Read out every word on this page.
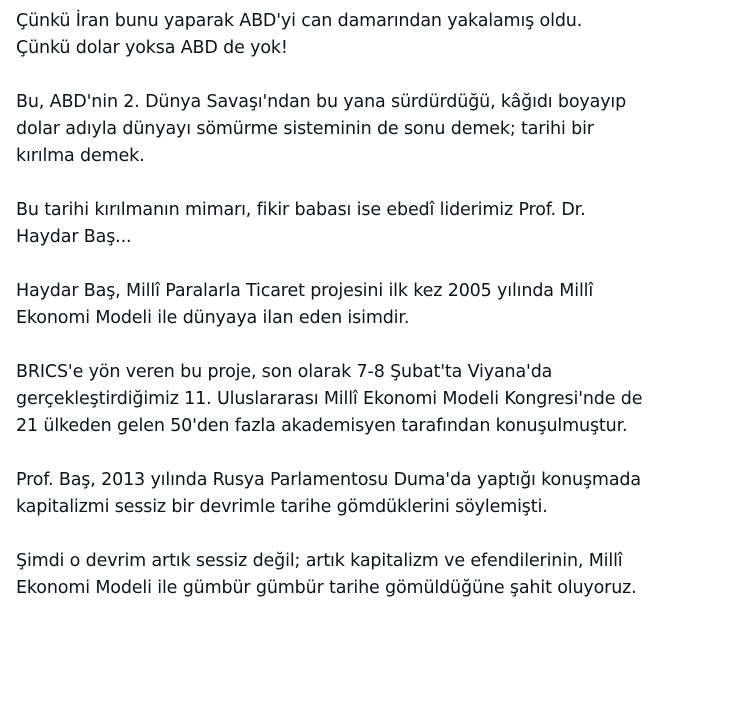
Çünkü İran bunu yaparak ABD'yi can damarından yakalamış oldu.
Çünkü dolar yoksa ABD de yok!

Bu, ABD'nin 2. Dünya Savaşı'ndan bu yana sürdürdüğü, kâğıdı boyayıp
dolar adıyla dünyayı sömürme sisteminin de sonu demek; tarihi bir
kırılma demek.

Bu tarihi kırılmanın mimarı, fikir babası ise ebedî liderimiz Prof. Dr.
Haydar Baş...

Haydar Baş, Millî Paralarla Ticaret projesini ilk kez 2005 yılında Millî
Ekonomi Modeli ile dünyaya ilan eden isimdir.

BRICS'e yön veren bu proje, son olarak 7-8 Şubat'ta Viyana'da
gerçekleştirdiğimiz 11. Uluslararası Millî Ekonomi Modeli Kongresi'nde de
21 ülkeden gelen 50'den fazla akademisyen tarafından konuşulmuştur.

Prof. Baş, 2013 yılında Rusya Parlamentosu Duma'da yaptığı konuşmada
kapitalizmi sessiz bir devrimle tarihe gömdüklerini söylemişti.

Şimdi o devrim artık sessiz değil; artık kapitalizm ve efendilerinin, Millî
Ekonomi Modeli ile gümbür gümbür tarihe gömüldüğüne şahit oluyoruz.
